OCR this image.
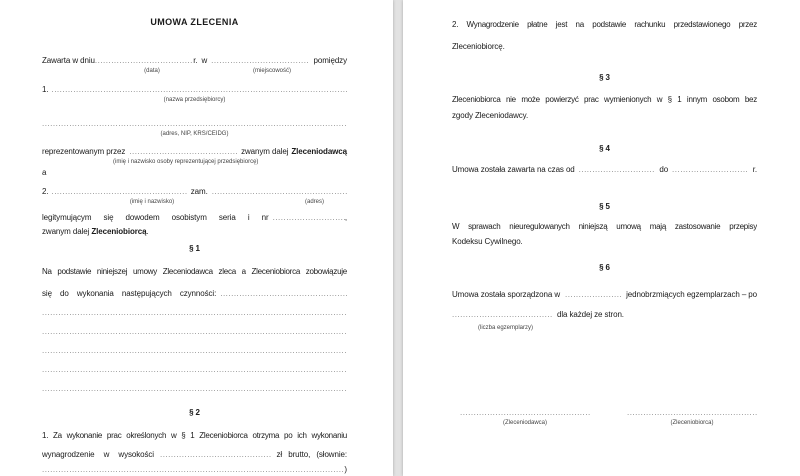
UMOWA ZLECENIA
Zawarta w dniu .....	r. w .....	pomiędzy
(data)	(miejscowość)
1.
.....
(nazwa przedsiębiorcy)
.....
(adres, NIP, KRS/CEIDG)
reprezentowanym przez .....	zwanym dalej Zleceniodawcą
(imię i nazwisko osoby reprezentującej przedsiębiorcę)
a
2. .....	zam.
.....
(imię i nazwisko)	(adres)
legitymującym się dowodem osobistym seria i nr .....	,
zwanym dalej Zleceniobiorcą.
§ 1
Na podstawie niniejszej umowy Zleceniodawca zleca a Zleceniobiorca zobowiązuje
się do wykonania następujących czynności:
.....
.....
.....
.....
.....
.....
§ 2
1. Za wykonanie prac określonych w § 1 Zleceniobiorca otrzyma po ich wykonaniu
wynagrodzenie w wysokości .....	zł brutto, (słownie:
.....
)
2. Wynagrodzenie płatne jest na podstawie rachunku przedstawionego przez
Zleceniobiorcę.
§ 3
Zleceniobiorca nie może powierzyć prac wymienionych w § 1 innym osobom bez
zgody Zleceniodawcy.
§ 4
Umowa została zawarta na czas od .....	do .....	r.
§ 5
W sprawach nieuregulowanych niniejszą umową mają zastosowanie przepisy
Kodeksu Cywilnego.
§ 6
Umowa została sporządzona w .....	jednobrzmiących egzemplarzach – po
.....
dla każdej ze stron.
(liczba egzemplarzy)
.....
(Zleceniodawca)
.....	(Zleceniobiorca)
